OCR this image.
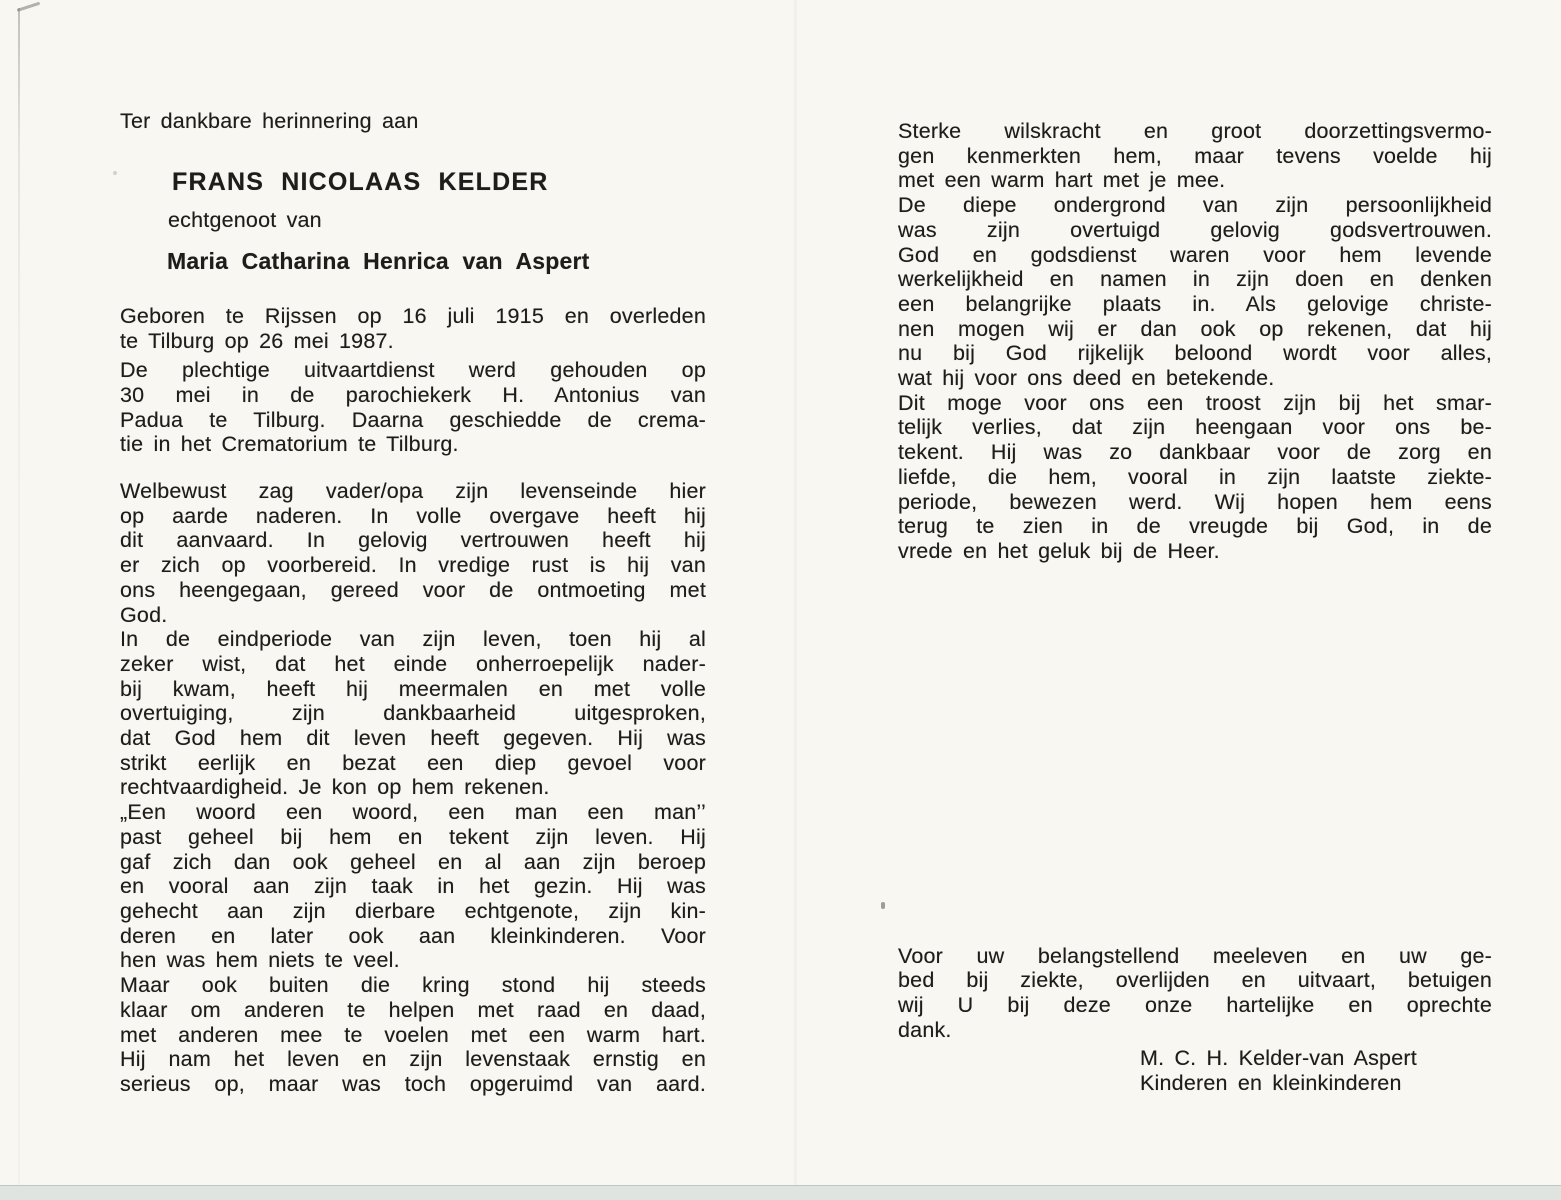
Ter dankbare herinnering aan
FRANS NICOLAAS KELDER
echtgenoot van
Maria Catharina Henrica van Aspert
Geboren te Rijssen op 16 juli 1915 en overleden
te Tilburg op 26 mei 1987.
De plechtige uitvaartdienst werd gehouden op
30 mei in de parochiekerk H. Antonius van
Padua te Tilburg. Daarna geschiedde de crema-
tie in het Crematorium te Tilburg.
Welbewust zag vader/opa zijn levenseinde hier
op aarde naderen. In volle overgave heeft hij
dit aanvaard. In gelovig vertrouwen heeft hij
er zich op voorbereid. In vredige rust is hij van
ons heengegaan, gereed voor de ontmoeting met
God.
In de eindperiode van zijn leven, toen hij al
zeker wist, dat het einde onherroepelijk nader-
bij kwam, heeft hij meermalen en met volle
overtuiging, zijn dankbaarheid uitgesproken,
dat God hem dit leven heeft gegeven. Hij was
strikt eerlijk en bezat een diep gevoel voor
rechtvaardigheid. Je kon op hem rekenen.
„Een woord een woord, een man een man’’
past geheel bij hem en tekent zijn leven. Hij
gaf zich dan ook geheel en al aan zijn beroep
en vooral aan zijn taak in het gezin. Hij was
gehecht aan zijn dierbare echtgenote, zijn kin-
deren en later ook aan kleinkinderen. Voor
hen was hem niets te veel.
Maar ook buiten die kring stond hij steeds
klaar om anderen te helpen met raad en daad,
met anderen mee te voelen met een warm hart.
Hij nam het leven en zijn levenstaak ernstig en
serieus op, maar was toch opgeruimd van aard.
Sterke wilskracht en groot doorzettingsvermo-
gen kenmerkten hem, maar tevens voelde hij
met een warm hart met je mee.
De diepe ondergrond van zijn persoonlijkheid
was zijn overtuigd gelovig godsvertrouwen.
God en godsdienst waren voor hem levende
werkelijkheid en namen in zijn doen en denken
een belangrijke plaats in. Als gelovige christe-
nen mogen wij er dan ook op rekenen, dat hij
nu bij God rijkelijk beloond wordt voor alles,
wat hij voor ons deed en betekende.
Dit moge voor ons een troost zijn bij het smar-
telijk verlies, dat zijn heengaan voor ons be-
tekent. Hij was zo dankbaar voor de zorg en
liefde, die hem, vooral in zijn laatste ziekte-
periode, bewezen werd. Wij hopen hem eens
terug te zien in de vreugde bij God, in de
vrede en het geluk bij de Heer.
Voor uw belangstellend meeleven en uw ge-
bed bij ziekte, overlijden en uitvaart, betuigen
wij U bij deze onze hartelijke en oprechte
dank.
M. C. H. Kelder-van Aspert
Kinderen en kleinkinderen
